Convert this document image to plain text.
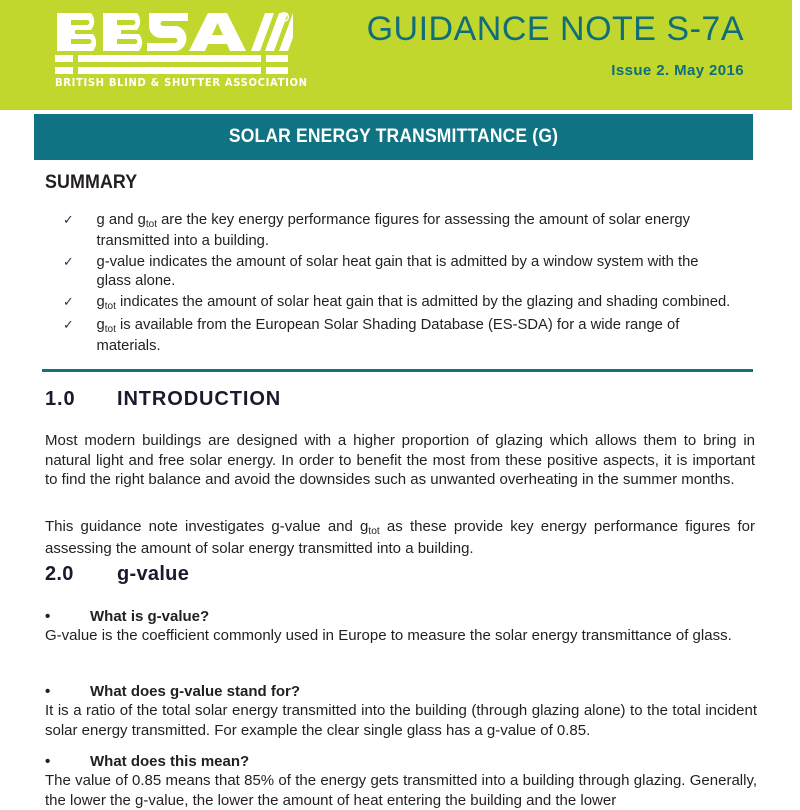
R
BRITISH BLIND & SHUTTER ASSOCIATION
GUIDANCE NOTE S-7A
Issue 2. May 2016
SOLAR ENERGY TRANSMITTANCE (G)
SUMMARY
✓ g and $g_{tot}$ are the key energy performance figures for assessing the amount of solar energy transmitted into a building.
✓ g-value indicates the amount of solar heat gain that is admitted by a window system with the glass alone.
✓ $g_{tot}$ indicates the amount of solar heat gain that is admitted by the glazing and shading combined.
✓ $g_{tot}$ is available from the European Solar Shading Database (ES-SDA) for a wide range of materials.
1.0 INTRODUCTION
Most modern buildings are designed with a higher proportion of glazing which allows them to bring in natural light and free solar energy. In order to benefit the most from these positive aspects, it is important to find the right balance and avoid the downsides such as unwanted overheating in the summer months.
This guidance note investigates g-value and $g_{tot}$ as these provide key energy performance figures for assessing the amount of solar energy transmitted into a building.
2.0 g-value
•	What is g-value?
G-value is the coefficient commonly used in Europe to measure the solar energy transmittance of glass.
•	What does g-value stand for?
It is a ratio of the total solar energy transmitted into the building (through glazing alone) to the total incident solar energy transmitted. For example the clear single glass has a g-value of 0.85.
•	What does this mean?
The value of 0.85 means that 85% of the energy gets transmitted into a building through glazing. Generally, the lower the g-value, the lower the amount of heat entering the building and the lower
